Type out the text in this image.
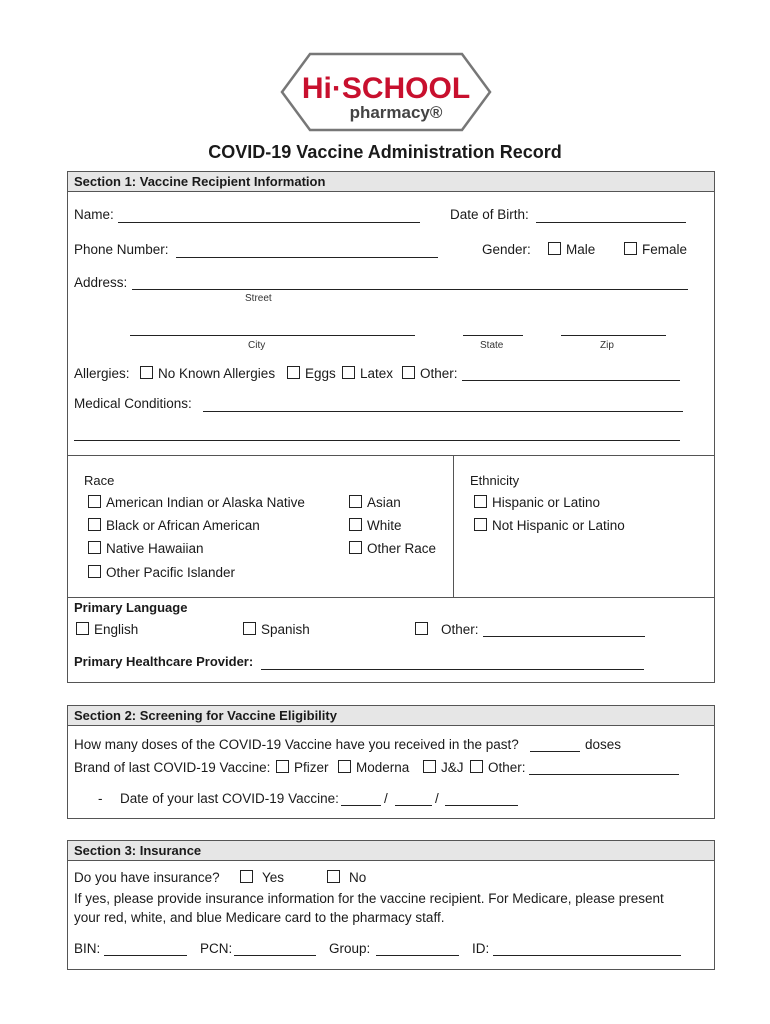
Hi·SCHOOL
pharmacy®
COVID-19 Vaccine Administration Record
Section 1: Vaccine Recipient Information
Name:	Date of Birth:
Phone Number:	Gender:	Male	Female
Address:
Street
City	State	Zip
Allergies:	No Known Allergies	Eggs	Latex	Other:
Medical Conditions:
Race
American Indian or Alaska Native
Black or African American
Native Hawaiian
Other Pacific Islander
Asian
White
Other Race
Ethnicity
Hispanic or Latino
Not Hispanic or Latino
Primary Language
English	Spanish	Other:
Primary Healthcare Provider:
Section 2: Screening for Vaccine Eligibility
How many doses of the COVID-19 Vaccine have you received in the past?	doses
Brand of last COVID-19 Vaccine:	Pfizer	Moderna	J&J	Other:
- Date of your last COVID-19 Vaccine:	/	/
Section 3: Insurance
Do you have insurance?	Yes	No
If yes, please provide insurance information for the vaccine recipient. For Medicare, please present
your red, white, and blue Medicare card to the pharmacy staff.
BIN:	PCN:	Group:	ID:
